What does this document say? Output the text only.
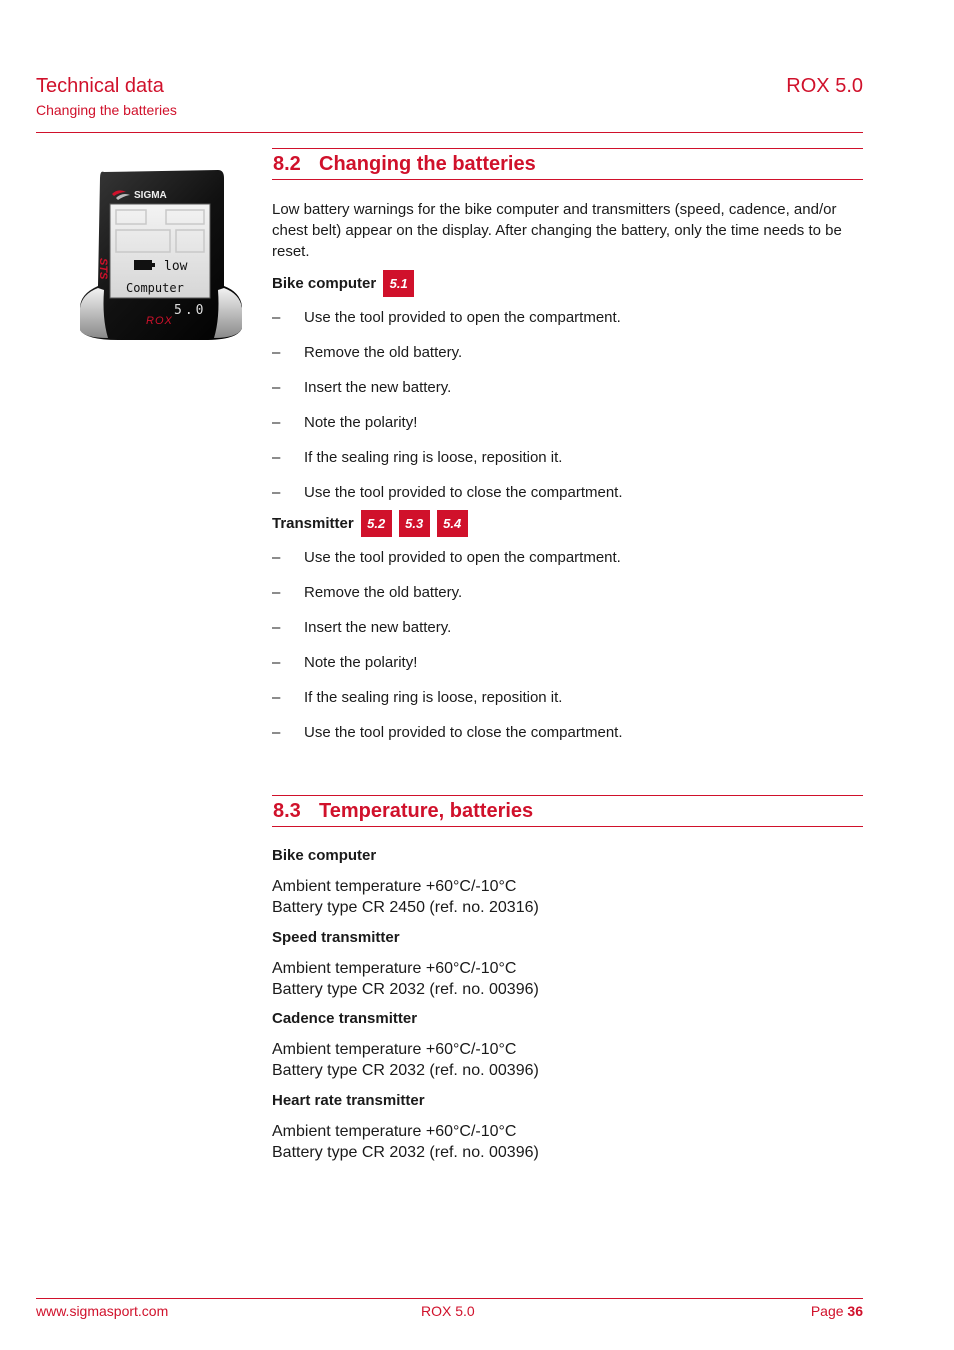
Technical data
Changing the batteries
ROX 5.0
low
Computer
SIGMA
STS
5.0
ROX
8.2 Changing the batteries
Low battery warnings for the bike computer and transmitters (speed, cadence, and/or chest belt) appear on the display. After changing the battery, only the time needs to be reset.
Bike computer	5.1
–	Use the tool provided to open the compartment.
–	Remove the old battery.
–	Insert the new battery.
–	Note the polarity!
–	If the sealing ring is loose, reposition it.
–	Use the tool provided to close the compartment.
Transmitter	5.2	5.3	5.4
–	Use the tool provided to open the compartment.
–	Remove the old battery.
–	Insert the new battery.
–	Note the polarity!
–	If the sealing ring is loose, reposition it.
–	Use the tool provided to close the compartment.
8.3 Temperature, batteries
Bike computer
Ambient temperature +60°C/-10°C
Battery type CR 2450 (ref. no. 20316)
Speed transmitter
Ambient temperature +60°C/-10°C
Battery type CR 2032 (ref. no. 00396)
Cadence transmitter
Ambient temperature +60°C/-10°C
Battery type CR 2032 (ref. no. 00396)
Heart rate transmitter
Ambient temperature +60°C/-10°C
Battery type CR 2032 (ref. no. 00396)
www.sigmasport.com	ROX 5.0	Page 36
